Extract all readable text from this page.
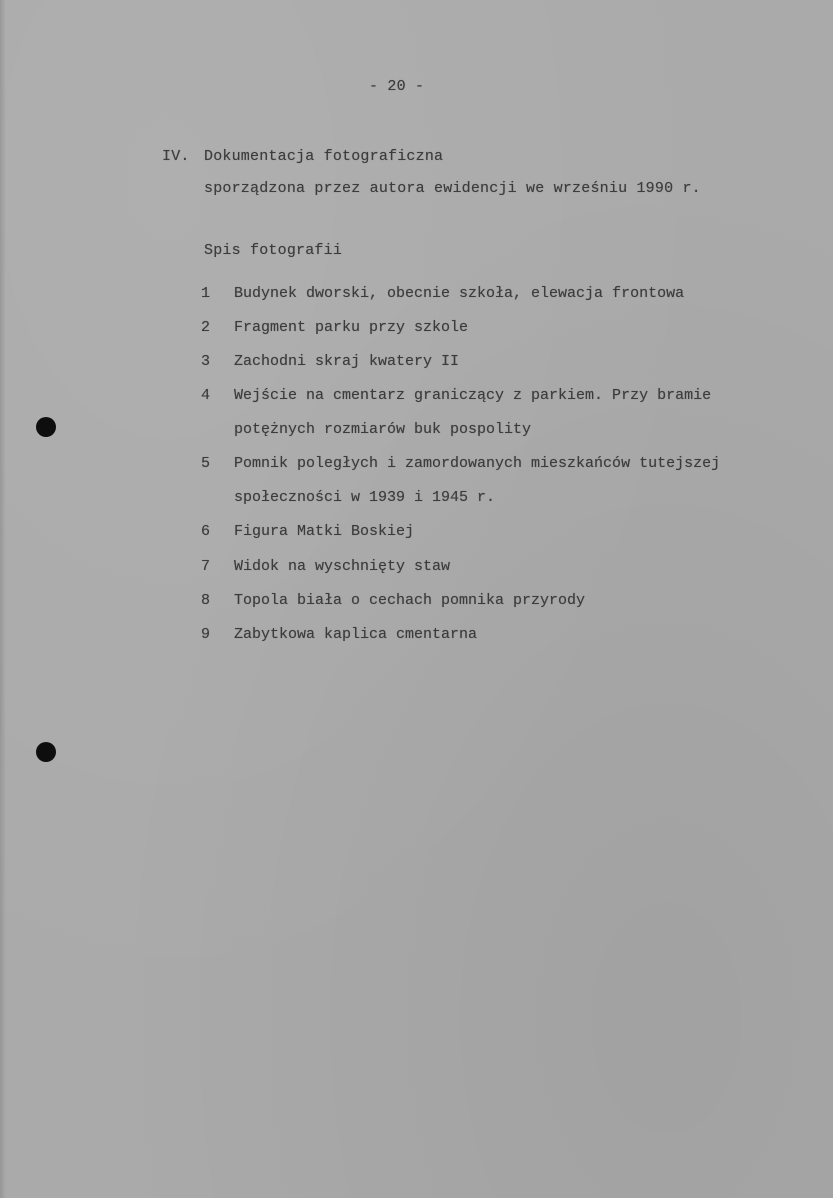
- 20 -
IV. Dokumentacja fotograficzna
sporządzona przez autora ewidencji we wrześniu 1990 r.
Spis fotografii
1 Budynek dworski, obecnie szkoła, elewacja frontowa
2 Fragment parku przy szkole
3 Zachodni skraj kwatery II
4 Wejście na cmentarz graniczący z parkiem. Przy bramie
potężnych rozmiarów buk pospolity
5 Pomnik poległych i zamordowanych mieszkańców tutejszej
społeczności w 1939 i 1945 r.
6 Figura Matki Boskiej
7 Widok na wyschnięty staw
8 Topola biała o cechach pomnika przyrody
9 Zabytkowa kaplica cmentarna
